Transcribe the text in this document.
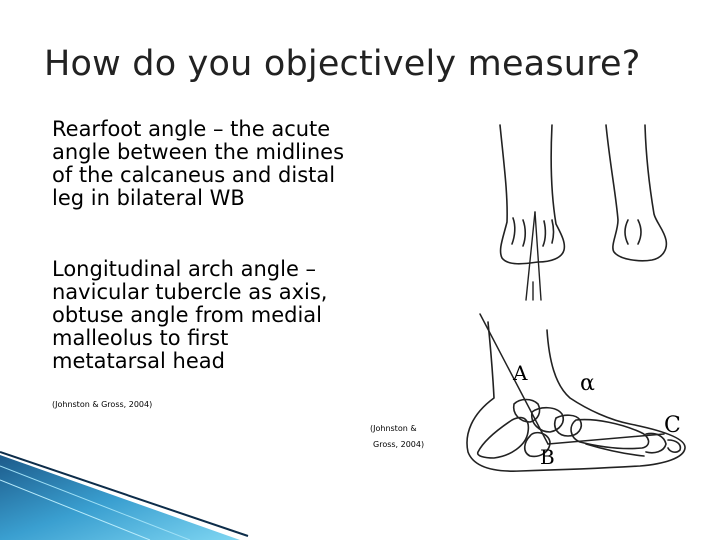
How do you objectively measure?
Rearfoot angle – the acute
angle between the midlines
of the calcaneus and distal
leg in bilateral WB
Longitudinal arch angle –
navicular tubercle as axis,
obtuse angle from medial
malleolus to first
metatarsal head
(Johnston & Gross, 2004)
(Johnston &
Gross, 2004)
A α
B
C
